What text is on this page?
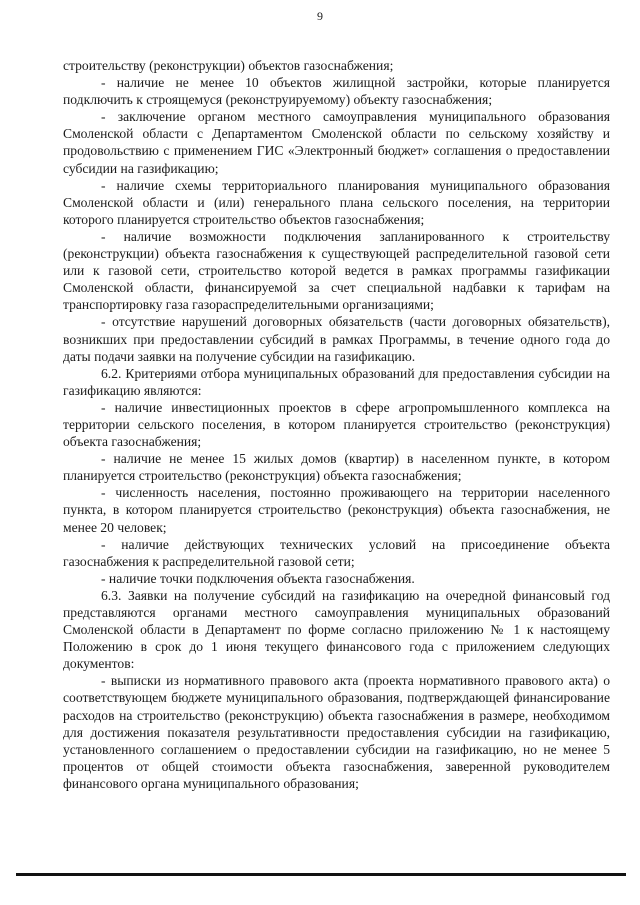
9

строительству (реконструкции) объектов газоснабжения;

- наличие не менее 10 объектов жилищной застройки, которые планируется подключить к строящемуся (реконструируемому) объекту газоснабжения;

- заключение органом местного самоуправления муниципального образования Смоленской области с Департаментом Смоленской области по сельскому хозяйству и продовольствию с применением ГИС «Электронный бюджет» соглашения о предоставлении субсидии на газификацию;

- наличие схемы территориального планирования муниципального образования Смоленской области и (или) генерального плана сельского поселения, на территории которого планируется строительство объектов газоснабжения;

- наличие возможности подключения запланированного к строительству (реконструкции) объекта газоснабжения к существующей распределительной газовой сети или к газовой сети, строительство которой ведется в рамках программы газификации Смоленской области, финансируемой за счет специальной надбавки к тарифам на транспортировку газа газораспределительными организациями;

- отсутствие нарушений договорных обязательств (части договорных обязательств), возникших при предоставлении субсидий в рамках Программы, в течение одного года до даты подачи заявки на получение субсидии на газификацию.

6.2. Критериями отбора муниципальных образований для предоставления субсидии на газификацию являются:

- наличие инвестиционных проектов в сфере агропромышленного комплекса на территории сельского поселения, в котором планируется строительство (реконструкция) объекта газоснабжения;

- наличие не менее 15 жилых домов (квартир) в населенном пункте, в котором планируется строительство (реконструкция) объекта газоснабжения;

- численность населения, постоянно проживающего на территории населенного пункта, в котором планируется строительство (реконструкция) объекта газоснабжения, не менее 20 человек;

- наличие действующих технических условий на присоединение объекта газоснабжения к распределительной газовой сети;

- наличие точки подключения объекта газоснабжения.

6.3. Заявки на получение субсидий на газификацию на очередной финансовый год представляются органами местного самоуправления муниципальных образований Смоленской области в Департамент по форме согласно приложению № 1 к настоящему Положению в срок до 1 июня текущего финансового года с приложением следующих документов:

- выписки из нормативного правового акта (проекта нормативного правового акта) о соответствующем бюджете муниципального образования, подтверждающей финансирование расходов на строительство (реконструкцию) объекта газоснабжения в размере, необходимом для достижения показателя результативности предоставления субсидии на газификацию, установленного соглашением о предоставлении субсидии на газификацию, но не менее 5 процентов от общей стоимости объекта газоснабжения, заверенной руководителем финансового органа муниципального образования;
